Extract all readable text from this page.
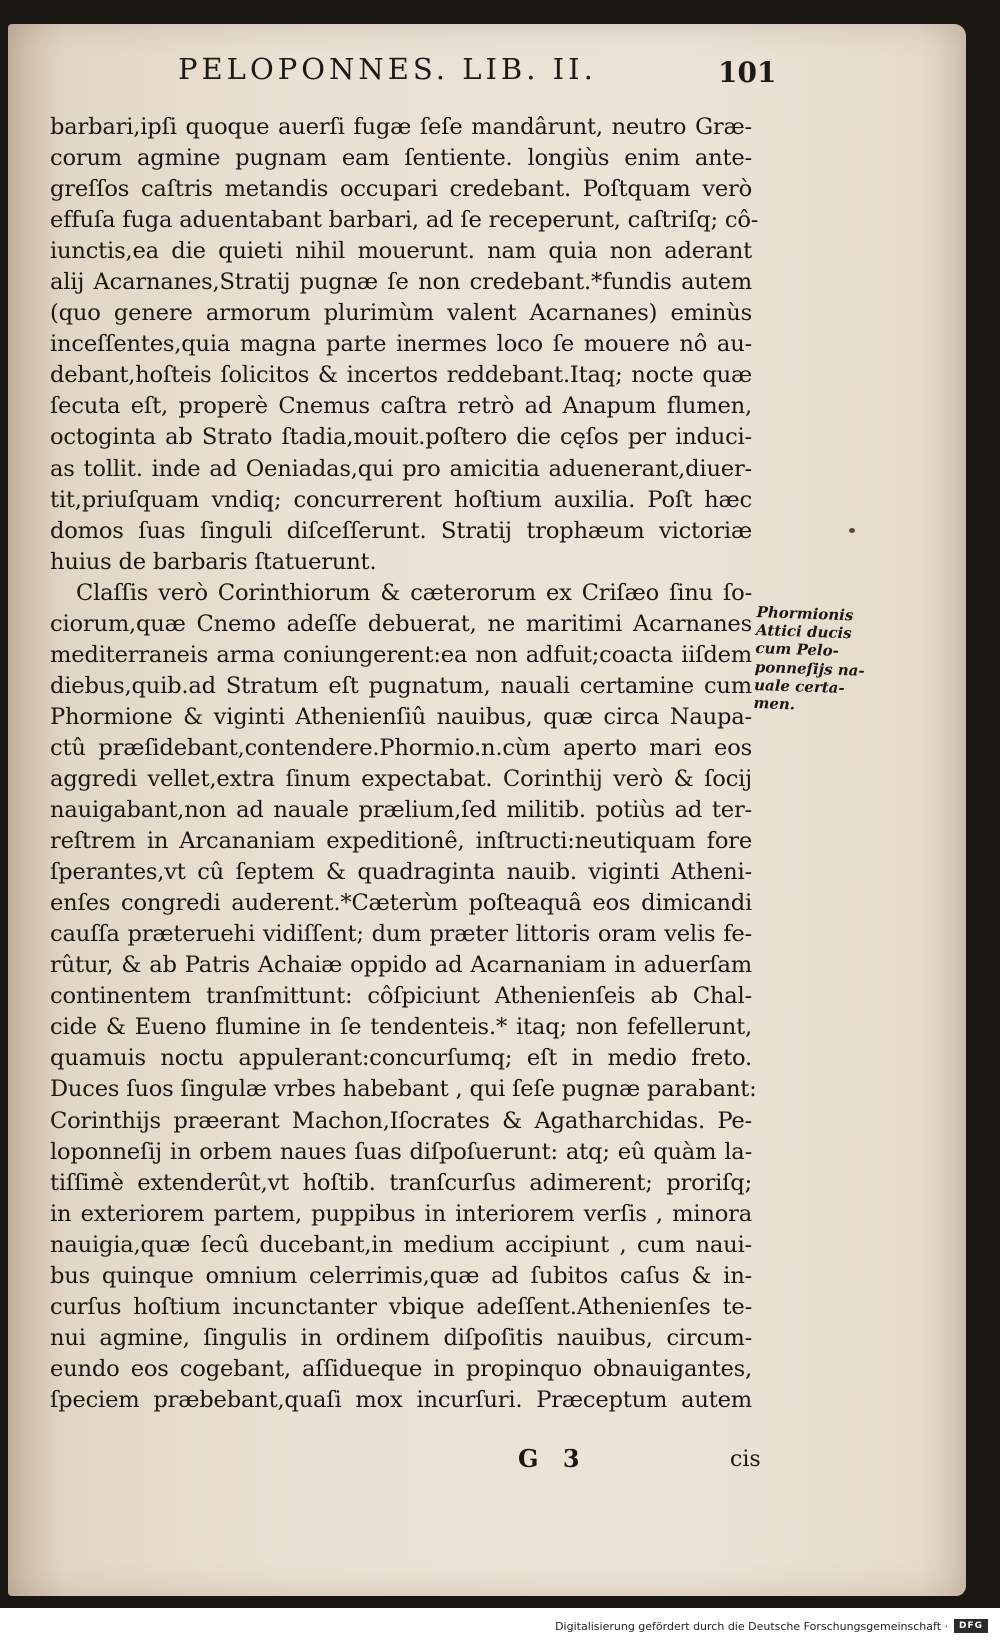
PELOPONNES. LIB. II.	101
barbari,ipſi quoque auerſi fugæ ſeſe mandârunt, neutro Græ-
corum agmine pugnam eam ſentiente. longiùs enim ante-
greſſos caſtris metandis occupari credebant. Poſtquam verò
effuſa fuga aduentabant barbari, ad ſe receperunt, caſtriſq; cô-
iunctis,ea die quieti nihil mouerunt. nam quia non aderant
alij Acarnanes,Stratij pugnæ ſe non credebant.*fundis autem
(quo genere armorum plurimùm valent Acarnanes) eminùs
inceſſentes,quia magna parte inermes loco ſe mouere nô au-
debant,hoſteis ſolicitos & incertos reddebant.Itaq; nocte quæ
ſecuta eſt, properè Cnemus caſtra retrò ad Anapum flumen,
octoginta ab Strato ſtadia,mouit.poſtero die cęſos per induci-
as tollit. inde ad Oeniadas,qui pro amicitia aduenerant,diuer-
tit,priuſquam vndiq; concurrerent hoſtium auxilia. Poſt hæc
domos ſuas ſinguli diſceſſerunt. Stratij trophæum victoriæ
huius de barbaris ſtatuerunt.
Claſſis verò Corinthiorum & cæterorum ex Criſæo ſinu ſo-
ciorum,quæ Cnemo adeſſe debuerat, ne maritimi Acarnanes
mediterraneis arma coniungerent:ea non adfuit;coacta iiſdem
diebus,quib.ad Stratum eſt pugnatum, nauali certamine cum
Phormione & viginti Athenienſiû nauibus, quæ circa Naupa-
ctû præſidebant,contendere.Phormio.n.cùm aperto mari eos
aggredi vellet,extra ſinum expectabat. Corinthij verò & ſocij
nauigabant,non ad nauale prælium,ſed militib. potiùs ad ter-
reſtrem in Arcananiam expeditionê, inſtructi:neutiquam fore
ſperantes,vt cû ſeptem & quadraginta nauib. viginti Atheni-
enſes congredi auderent.*Cæterùm poſteaquâ eos dimicandi
cauſſa præteruehi vidiſſent; dum præter littoris oram velis fe-
rûtur, & ab Patris Achaiæ oppido ad Acarnaniam in aduerſam
continentem tranſmittunt: côſpiciunt Athenienſeis ab Chal-
cide & Eueno flumine in ſe tendenteis.* itaq; non fefellerunt,
quamuis noctu appulerant:concurſumq; eſt in medio freto.
Duces ſuos ſingulæ vrbes habebant , qui ſeſe pugnæ parabant:
Corinthijs præerant Machon,Iſocrates & Agatharchidas. Pe-
loponneſij in orbem naues ſuas diſpoſuerunt: atq; eû quàm la-
tiſſimè extenderût,vt hoſtib. tranſcurſus adimerent; proriſq;
in exteriorem partem, puppibus in interiorem verſis , minora
nauigia,quæ ſecû ducebant,in medium accipiunt , cum naui-
bus quinque omnium celerrimis,quæ ad ſubitos caſus & in-
curſus hoſtium incunctanter vbique adeſſent.Athenienſes te-
nui agmine, ſingulis in ordinem diſpoſitis nauibus, circum-
eundo eos cogebant, aſſidueque in propinquo obnauigantes,
ſpeciem præbebant,quaſi mox incurſuri. Præceptum autem
Phormionis
Attici ducis
cum Pelo-
ponneſijs na-
uale certa-
men.
G 3	cis
Digitalisierung gefördert durch die Deutsche Forschungsgemeinschaft ·	DFG
